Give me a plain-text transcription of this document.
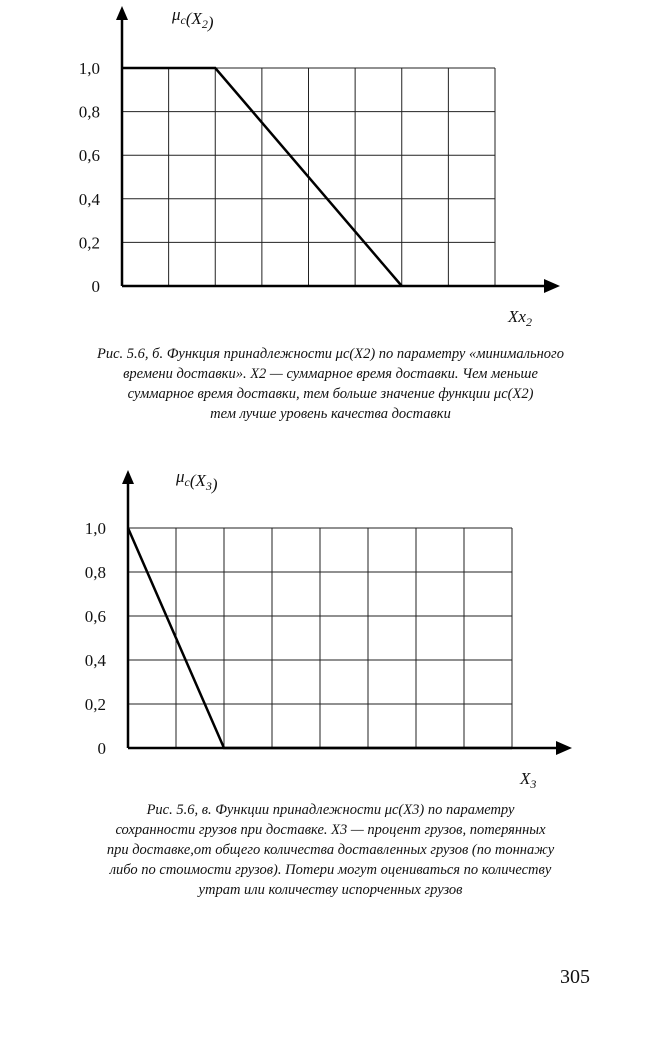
0
0,2
0,4
0,6
0,8
1,0
$\mu_c(X_2)$
$Xx_2$
Рис. 5.6, б. Функция принадлежности μc(X2) по параметру «минимального
времени доставки». X2 — суммарное время доставки. Чем меньше
суммарное время доставки, тем больше значение функции μc(X2)
тем лучше уровень качества доставки
0
0,2
0,4
0,6
0,8
1,0
$\mu_c(X_3)$
$X_3$
Рис. 5.6, в. Функции принадлежности μc(X3) по параметру
сохранности грузов при доставке. X3 — процент грузов, потерянных
при доставке,от общего количества доставленных грузов (по тоннажу
либо по стоимости грузов). Потери могут оцениваться по количеству
утрат или количеству испорченных грузов
305
